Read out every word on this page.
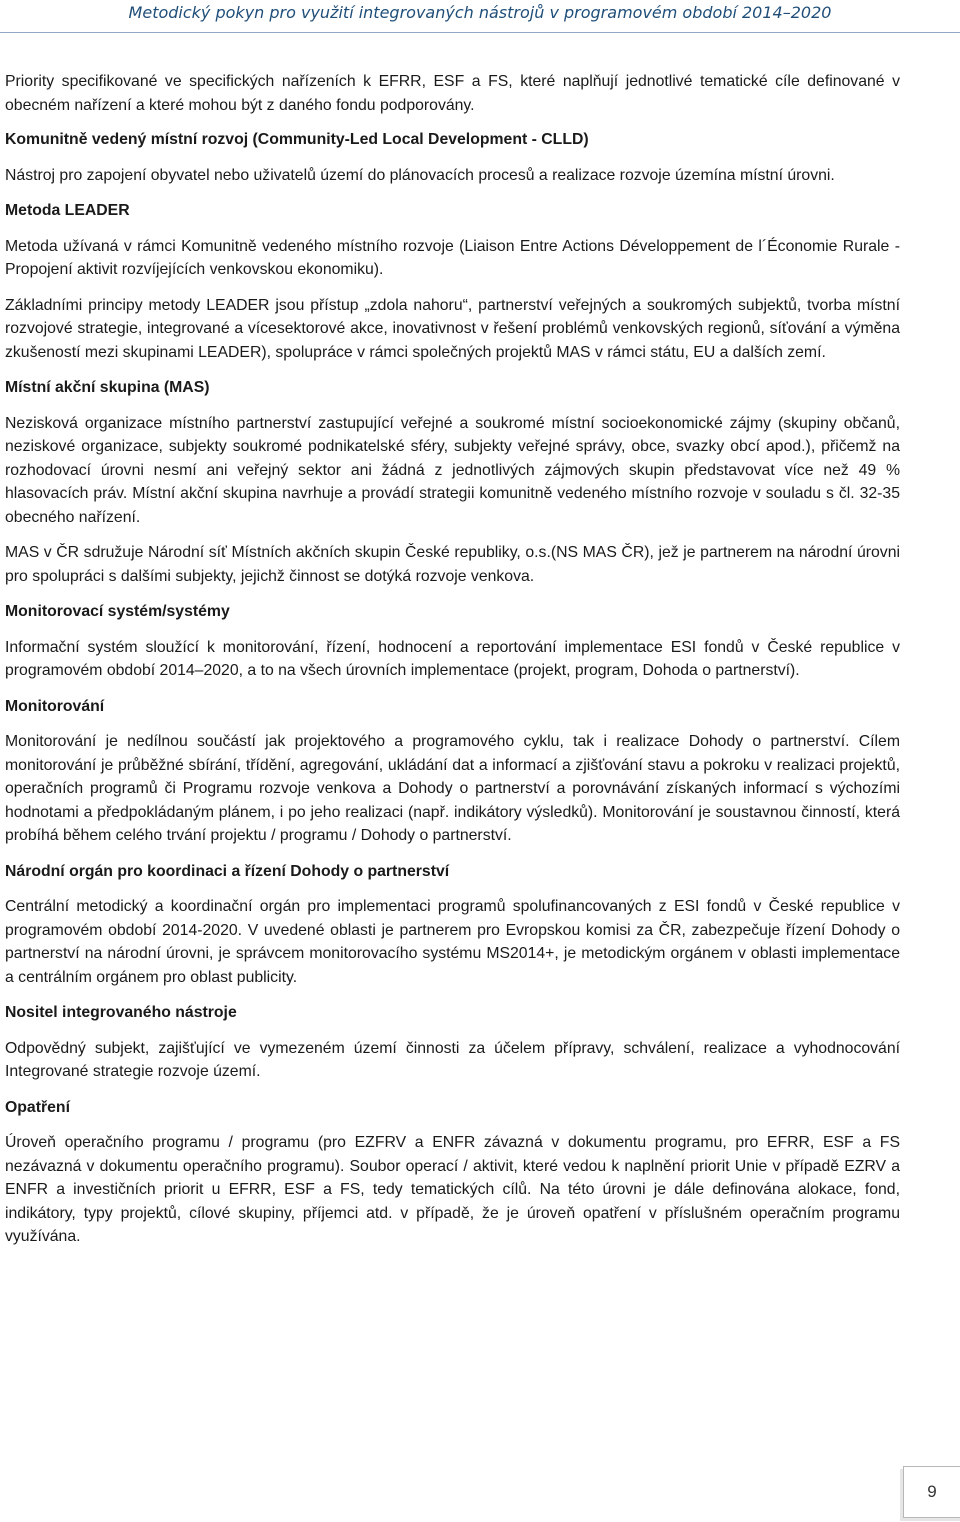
Metodický pokyn pro využití integrovaných nástrojů v programovém období 2014–2020

Priority specifikované ve specifických nařízeních k EFRR, ESF a FS, které naplňují jednotlivé tematické cíle definované v obecném nařízení a které mohou být z daného fondu podporovány.

Komunitně vedený místní rozvoj (Community-Led Local Development - CLLD)

Nástroj pro zapojení obyvatel nebo uživatelů území do plánovacích procesů a realizace rozvoje územína místní úrovni.

Metoda LEADER

Metoda užívaná v rámci Komunitně vedeného místního rozvoje (Liaison Entre Actions Développement de l´Économie Rurale - Propojení aktivit rozvíjejících venkovskou ekonomiku).

Základními principy metody LEADER jsou přístup „zdola nahoru“, partnerství veřejných a soukromých subjektů, tvorba místní rozvojové strategie, integrované a vícesektorové akce, inovativnost v řešení problémů venkovských regionů, síťování a výměna zkušeností mezi skupinami LEADER), spolupráce v rámci společných projektů MAS v rámci státu, EU a dalších zemí.

Místní akční skupina (MAS)

Nezisková organizace místního partnerství zastupující veřejné a soukromé místní socioekonomické zájmy (skupiny občanů, neziskové organizace, subjekty soukromé podnikatelské sféry, subjekty veřejné správy, obce, svazky obcí apod.), přičemž na rozhodovací úrovni nesmí ani veřejný sektor ani žádná z jednotlivých zájmových skupin představovat více než 49 % hlasovacích práv. Místní akční skupina navrhuje a provádí strategii komunitně vedeného místního rozvoje v souladu s čl. 32-35 obecného nařízení.

MAS v ČR sdružuje Národní síť Místních akčních skupin České republiky, o.s.(NS MAS ČR), jež je partnerem na národní úrovni pro spolupráci s dalšími subjekty, jejichž činnost se dotýká rozvoje venkova.

Monitorovací systém/systémy

Informační systém sloužící k monitorování, řízení, hodnocení a reportování implementace ESI fondů v České republice v programovém období 2014–2020, a to na všech úrovních implementace (projekt, program, Dohoda o partnerství).

Monitorování

Monitorování je nedílnou součástí jak projektového a programového cyklu, tak i realizace Dohody o partnerství. Cílem monitorování je průběžné sbírání, třídění, agregování, ukládání dat a informací a zjišťování stavu a pokroku v realizaci projektů, operačních programů či Programu rozvoje venkova a Dohody o partnerství a porovnávání získaných informací s výchozími hodnotami a předpokládaným plánem, i po jeho realizaci (např. indikátory výsledků). Monitorování je soustavnou činností, která probíhá během celého trvání projektu / programu / Dohody o partnerství.

Národní orgán pro koordinaci a řízení Dohody o partnerství

Centrální metodický a koordinační orgán pro implementaci programů spolufinancovaných z ESI fondů v České republice v programovém období 2014-2020. V uvedené oblasti je partnerem pro Evropskou komisi za ČR, zabezpečuje řízení Dohody o partnerství na národní úrovni, je správcem monitorovacího systému MS2014+, je metodickým orgánem v oblasti implementace a centrálním orgánem pro oblast publicity.

Nositel integrovaného nástroje

Odpovědný subjekt, zajišťující ve vymezeném území činnosti za účelem přípravy, schválení, realizace a vyhodnocování Integrované strategie rozvoje území.

Opatření

Úroveň operačního programu / programu (pro EZFRV a ENFR závazná v dokumentu programu, pro EFRR, ESF a FS nezávazná v dokumentu operačního programu). Soubor operací / aktivit, které vedou k naplnění priorit Unie v případě EZRV a ENFR a investičních priorit u EFRR, ESF a FS, tedy tematických cílů. Na této úrovni je dále definována alokace, fond, indikátory, typy projektů, cílové skupiny, příjemci atd. v případě, že je úroveň opatření v příslušném operačním programu využívána.

9
